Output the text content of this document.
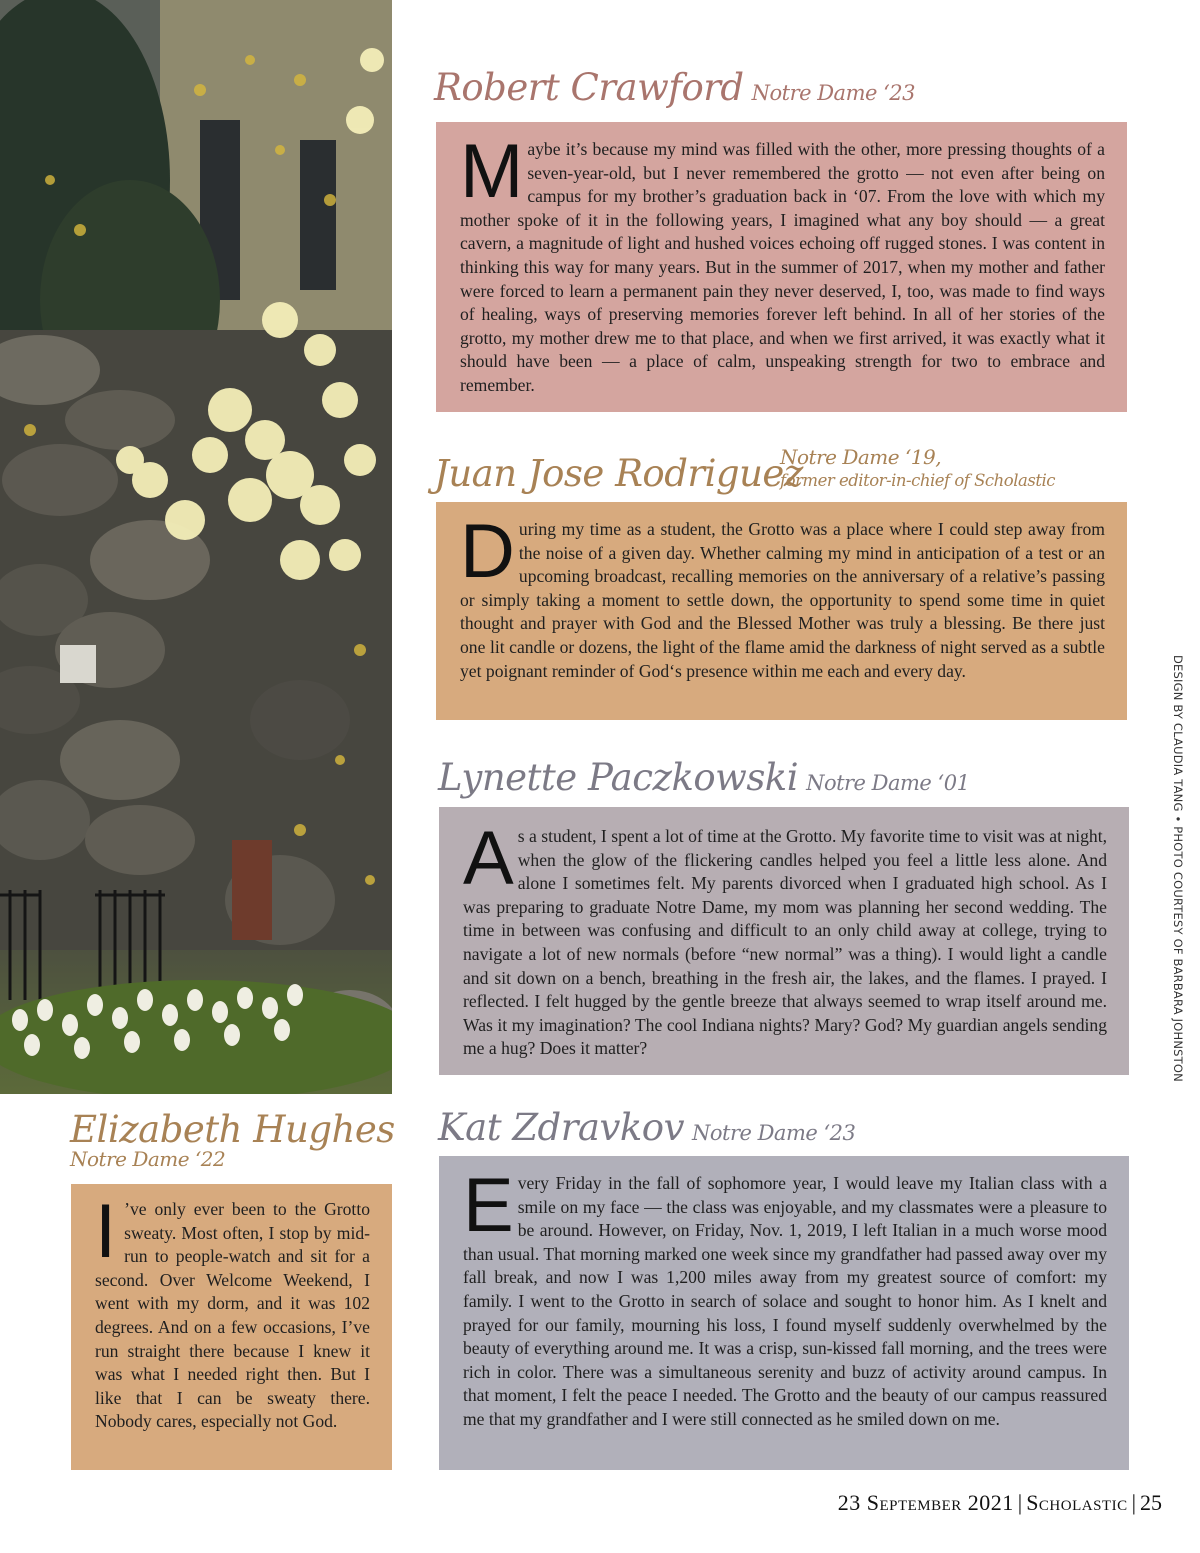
Robert Crawford Notre Dame ‘23
M aybe it’s because my mind was filled with the other, more pressing thoughts of a seven-year-old, but I never remembered the grotto — not even after being on campus for my brother’s graduation back in ‘07. From the love with which my mother spoke of it in the following years, I imagined what any boy should — a great cavern, a magnitude of light and hushed voices echoing off rugged stones. I was content in thinking this way for many years. But in the summer of 2017, when my mother and father were forced to learn a permanent pain they never deserved, I, too, was made to find ways of healing, ways of preserving memories forever left behind. In all of her stories of the grotto, my mother drew me to that place, and when we first arrived, it was exactly what it should have been — a place of calm, unspeaking strength for two to embrace and remember.

Juan Jose Rodriguez
Notre Dame ‘19,
former editor-in-chief of Scholastic
D uring my time as a student, the Grotto was a place where I could step away from the noise of a given day. Whether calming my mind in anticipation of a test or an upcoming broadcast, recalling memories on the anniversary of a relative’s passing or simply taking a moment to settle down, the opportunity to spend some time in quiet thought and prayer with God and the Blessed Mother was truly a blessing. Be there just one lit candle or dozens, the light of the flame amid the darkness of night served as a subtle yet poignant reminder of God‘s presence within me each and every day.

Lynette Paczkowski Notre Dame ‘01
A s a student, I spent a lot of time at the Grotto. My favorite time to visit was at night, when the glow of the flickering candles helped you feel a little less alone. And alone I sometimes felt. My parents divorced when I graduated high school. As I was preparing to graduate Notre Dame, my mom was planning her second wedding. The time in between was confusing and difficult to an only child away at college, trying to navigate a lot of new normals (before “new normal” was a thing). I would light a candle and sit down on a bench, breathing in the fresh air, the lakes, and the flames. I prayed. I reflected. I felt hugged by the gentle breeze that always seemed to wrap itself around me. Was it my imagination? The cool Indiana nights? Mary? God? My guardian angels sending me a hug? Does it matter?

Elizabeth Hughes
Notre Dame ‘22
I ’ve only ever been to the Grotto sweaty. Most often, I stop by mid-run to people-watch and sit for a second. Over Welcome Weekend, I went with my dorm, and it was 102 degrees. And on a few occasions, I’ve run straight there because I knew it was what I needed right then. But I like that I can be sweaty there. Nobody cares, especially not God.

Kat Zdravkov Notre Dame ‘23
E very Friday in the fall of sophomore year, I would leave my Italian class with a smile on my face — the class was enjoyable, and my classmates were a pleasure to be around. However, on Friday, Nov. 1, 2019, I left Italian in a much worse mood than usual. That morning marked one week since my grandfather had passed away over my fall break, and now I was 1,200 miles away from my greatest source of comfort: my family. I went to the Grotto in search of solace and sought to honor him. As I knelt and prayed for our family, mourning his loss, I found myself suddenly overwhelmed by the beauty of everything around me. It was a crisp, sun-kissed fall morning, and the trees were rich in color. There was a simultaneous serenity and buzz of activity around campus. In that moment, I felt the peace I needed. The Grotto and the beauty of our campus reassured me that my grandfather and I were still connected as he smiled down on me.

DESIGN BY CLAUDIA TANG • PHOTO COURTESY OF BARBARA JOHNSTON
23 September 2021 | Scholastic | 25
